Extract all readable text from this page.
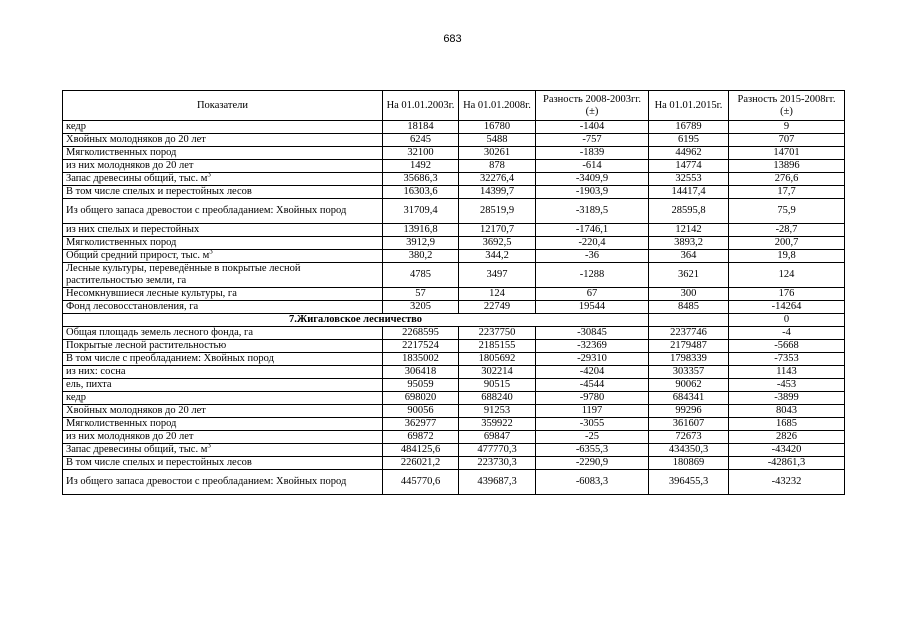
683
Показатели	На 01.01.2003г.	На 01.01.2008г.	Разность 2008-2003гг. (±)	На 01.01.2015г.	Разность 2015-2008гг. (±)
кедр	18184	16780	-1404	16789	9
Хвойных молодняков до 20 лет	6245	5488	-757	6195	707
Мягколиственных пород	32100	30261	-1839	44962	14701
из них молодняков до 20 лет	1492	878	-614	14774	13896
Запас древесины общий, тыс. $м^3$	35686,3	32276,4	-3409,9	32553	276,6
В том числе спелых и перестойных лесов	16303,6	14399,7	-1903,9	14417,4	17,7
Из общего запаса древостои с преобладанием: Хвойных пород	31709,4	28519,9	-3189,5	28595,8	75,9
из них спелых и перестойных	13916,8	12170,7	-1746,1	12142	-28,7
Мягколиственных пород	3912,9	3692,5	-220,4	3893,2	200,7
Общий средний прирост, тыс. $м^3$	380,2	344,2	-36	364	19,8
Лесные культуры, переведённые в покрытые лесной растительностью земли, га	4785	3497	-1288	3621	124
Несомкнувшиеся лесные культуры, га	57	124	67	300	176
Фонд лесовосстановления, га	3205	22749	19544	8485	-14264
7.Жигаловское лесничество					0
Общая площадь земель лесного фонда, га	2268595	2237750	-30845	2237746	-4
Покрытые лесной растительностью	2217524	2185155	-32369	2179487	-5668
В том числе с преобладанием: Хвойных пород	1835002	1805692	-29310	1798339	-7353
из них: сосна	306418	302214	-4204	303357	1143
ель, пихта	95059	90515	-4544	90062	-453
кедр	698020	688240	-9780	684341	-3899
Хвойных молодняков до 20 лет	90056	91253	1197	99296	8043
Мягколиственных пород	362977	359922	-3055	361607	1685
из них молодняков до 20 лет	69872	69847	-25	72673	2826
Запас древесины общий, тыс. $м^3$	484125,6	477770,3	-6355,3	434350,3	-43420
В том числе спелых и перестойных лесов	226021,2	223730,3	-2290,9	180869	-42861,3
Из общего запаса древостои с преобладанием: Хвойных пород	445770,6	439687,3	-6083,3	396455,3	-43232
